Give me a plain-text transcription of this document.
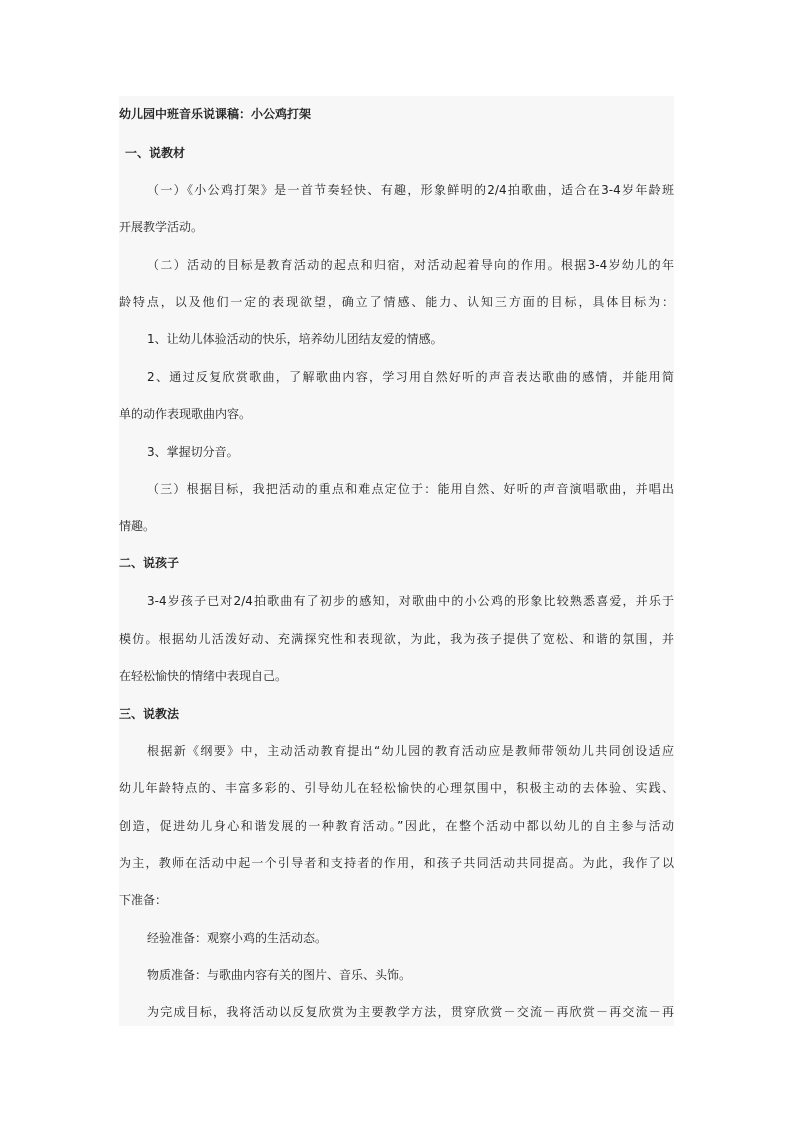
幼儿园中班音乐说课稿：小公鸡打架
一、说教材
（一）《小公鸡打架》是一首节奏轻快、有趣，形象鲜明的2/4拍歌曲，适合在3-4岁年龄班
开展教学活动。
（二）活动的目标是教育活动的起点和归宿，对活动起着导向的作用。根据3-4岁幼儿的年
龄特点，以及他们一定的表现欲望，确立了情感、能力、认知三方面的目标，具体目标为：
1、让幼儿体验活动的快乐，培养幼儿团结友爱的情感。
2、通过反复欣赏歌曲，了解歌曲内容，学习用自然好听的声音表达歌曲的感情，并能用简
单的动作表现歌曲内容。
3、掌握切分音。
（三）根据目标，我把活动的重点和难点定位于：能用自然、好听的声音演唱歌曲，并唱出
情趣。
二、说孩子
3-4岁孩子已对2/4拍歌曲有了初步的感知，对歌曲中的小公鸡的形象比较熟悉喜爱，并乐于
模仿。根据幼儿活泼好动、充满探究性和表现欲，为此，我为孩子提供了宽松、和谐的氛围，并
在轻松愉快的情绪中表现自己。
三、说教法
根据新《纲要》中，主动活动教育提出“幼儿园的教育活动应是教师带领幼儿共同创设适应
幼儿年龄特点的、丰富多彩的、引导幼儿在轻松愉快的心理氛围中，积极主动的去体验、实践、
创造，促进幼儿身心和谐发展的一种教育活动。”因此，在整个活动中都以幼儿的自主参与活动
为主，教师在活动中起一个引导者和支持者的作用，和孩子共同活动共同提高。为此，我作了以
下准备：
经验准备：观察小鸡的生活动态。
物质准备：与歌曲内容有关的图片、音乐、头饰。
为完成目标，我将活动以反复欣赏为主要教学方法，贯穿欣赏－交流－再欣赏－再交流－再
